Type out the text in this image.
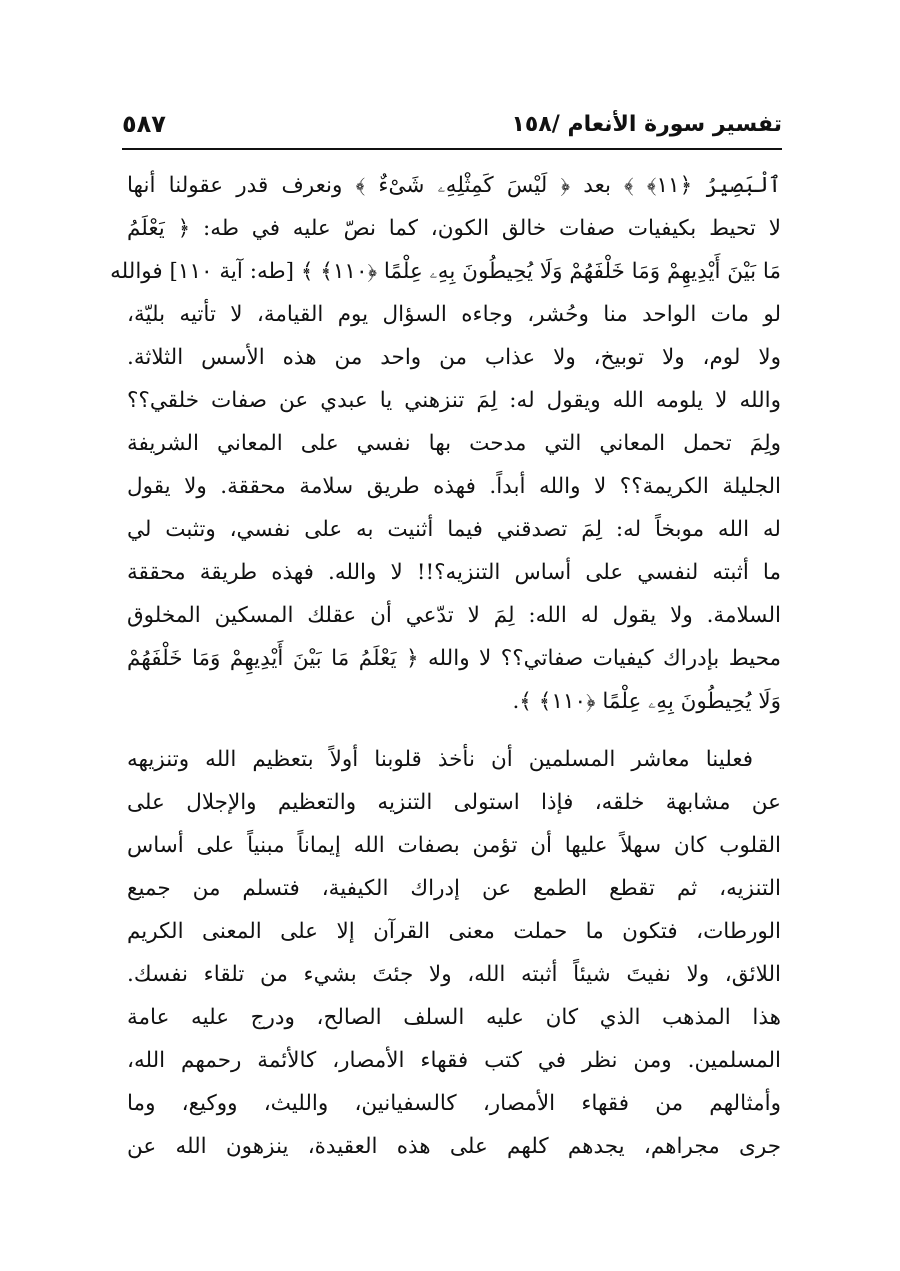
تفسير سورة الأنعام /١٥٨
٥٨٧
ٱلْبَصِيرُ ﴿١١﴾ ﴾ بعد ﴿ لَيْسَ كَمِثْلِهِۦ شَىْءٌ ﴾ ونعرف قدر عقولنا أنها
لا تحيط بكيفيات صفات خالق الكون، كما نصّ عليه في طه: ﴿ يَعْلَمُ
مَا بَيْنَ أَيْدِيهِمْ وَمَا خَلْفَهُمْ وَلَا يُحِيطُونَ بِهِۦ عِلْمًا ﴿١١٠﴾ ﴾ [طه: آية ١١٠] فوالله
لو مات الواحد منا وحُشر، وجاءه السؤال يوم القيامة، لا تأتيه بليّة،
ولا لوم، ولا توبيخ، ولا عذاب من واحد من هذه الأسس الثلاثة.
والله لا يلومه الله ويقول له: لِمَ تنزهني يا عبدي عن صفات خلقي؟؟
ولِمَ تحمل المعاني التي مدحت بها نفسي على المعاني الشريفة
الجليلة الكريمة؟؟ لا والله أبداً. فهذه طريق سلامة محققة. ولا يقول
له الله موبخاً له: لِمَ تصدقني فيما أثنيت به على نفسي، وتثبت لي
ما أثبته لنفسي على أساس التنزيه؟!! لا والله. فهذه طريقة محققة
السلامة. ولا يقول له الله: لِمَ لا تدّعي أن عقلك المسكين المخلوق
محيط بإدراك كيفيات صفاتي؟؟ لا والله ﴿ يَعْلَمُ مَا بَيْنَ أَيْدِيهِمْ وَمَا خَلْفَهُمْ
وَلَا يُحِيطُونَ بِهِۦ عِلْمًا ﴿١١٠﴾ ﴾.
فعلينا معاشر المسلمين أن نأخذ قلوبنا أولاً بتعظيم الله وتنزيهه
عن مشابهة خلقه، فإذا استولى التنزيه والتعظيم والإجلال على
القلوب كان سهلاً عليها أن تؤمن بصفات الله إيماناً مبنياً على أساس
التنزيه، ثم تقطع الطمع عن إدراك الكيفية، فتسلم من جميع
الورطات، فتكون ما حملت معنى القرآن إلا على المعنى الكريم
اللائق، ولا نفيتَ شيئاً أثبته الله، ولا جئتَ بشيء من تلقاء نفسك.
هذا المذهب الذي كان عليه السلف الصالح، ودرج عليه عامة
المسلمين. ومن نظر في كتب فقهاء الأمصار، كالأئمة رحمهم الله،
وأمثالهم من فقهاء الأمصار، كالسفيانين، والليث، ووكيع، وما
جرى مجراهم، يجدهم كلهم على هذه العقيدة، ينزهون الله عن
